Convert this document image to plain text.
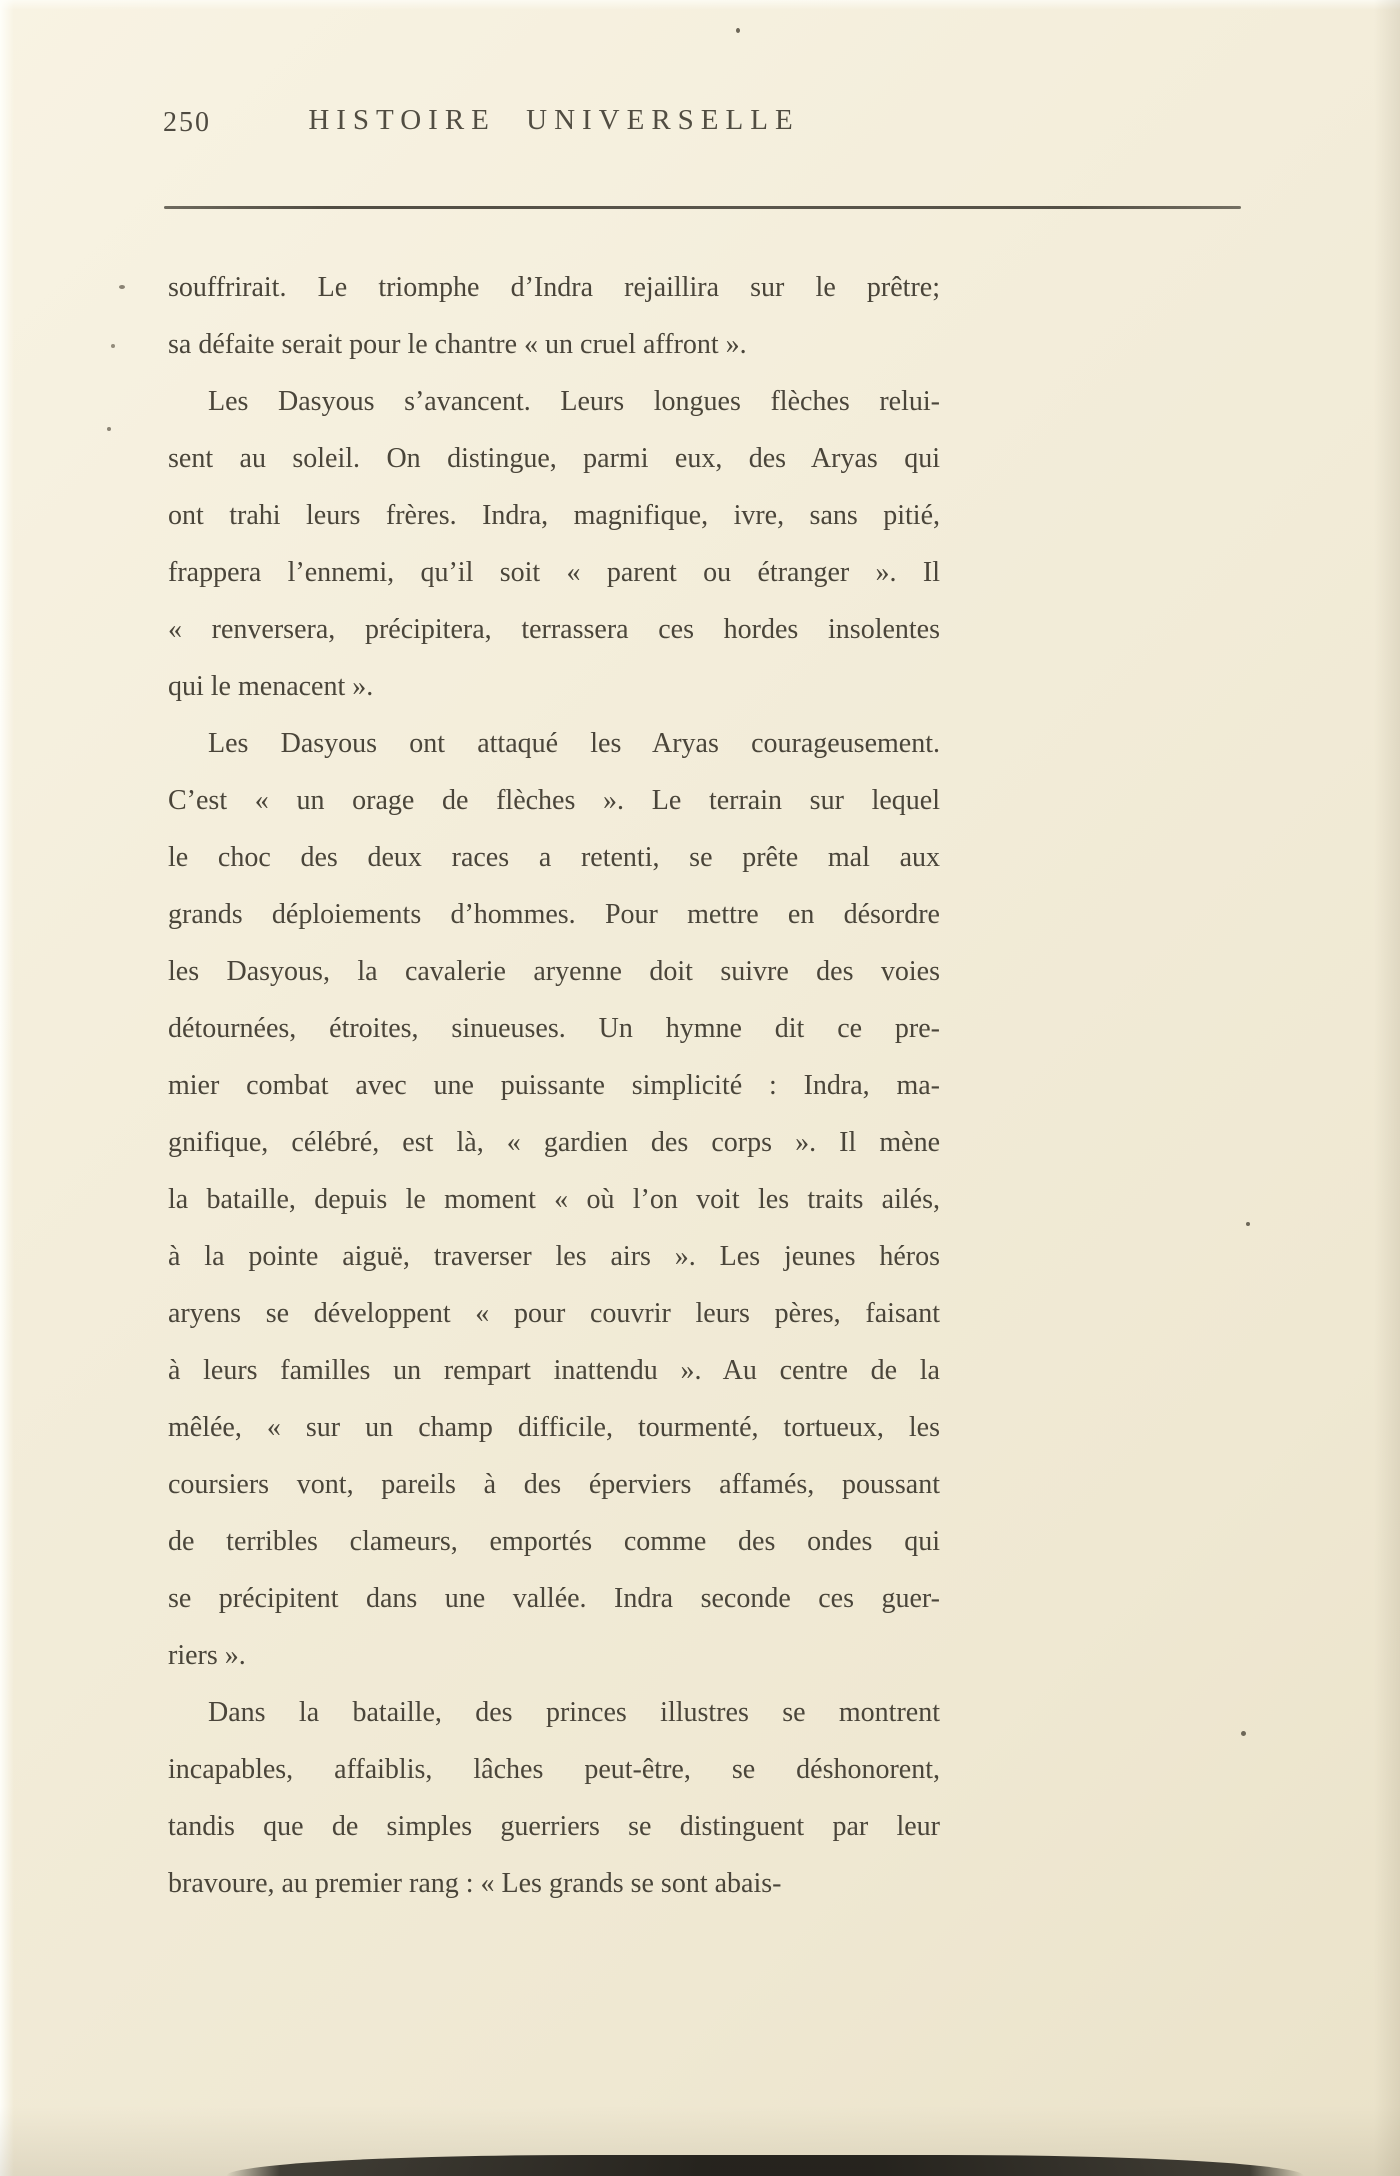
250	HISTOIRE UNIVERSELLE
souffrirait. Le triomphe d’Indra rejaillira sur le prêtre;
sa défaite serait pour le chantre « un cruel affront ».
Les Dasyous s’avancent. Leurs longues flèches relui-
sent au soleil. On distingue, parmi eux, des Aryas qui
ont trahi leurs frères. Indra, magnifique, ivre, sans pitié,
frappera l’ennemi, qu’il soit « parent ou étranger ». Il
« renversera, précipitera, terrassera ces hordes insolentes
qui le menacent ».
Les Dasyous ont attaqué les Aryas courageusement.
C’est « un orage de flèches ». Le terrain sur lequel
le choc des deux races a retenti, se prête mal aux
grands déploiements d’hommes. Pour mettre en désordre
les Dasyous, la cavalerie aryenne doit suivre des voies
détournées, étroites, sinueuses. Un hymne dit ce pre-
mier combat avec une puissante simplicité : Indra, ma-
gnifique, célébré, est là, « gardien des corps ». Il mène
la bataille, depuis le moment « où l’on voit les traits ailés,
à la pointe aiguë, traverser les airs ». Les jeunes héros
aryens se développent « pour couvrir leurs pères, faisant
à leurs familles un rempart inattendu ». Au centre de la
mêlée, « sur un champ difficile, tourmenté, tortueux, les
coursiers vont, pareils à des éperviers affamés, poussant
de terribles clameurs, emportés comme des ondes qui
se précipitent dans une vallée. Indra seconde ces guer-
riers ».
Dans la bataille, des princes illustres se montrent
incapables, affaiblis, lâches peut-être, se déshonorent,
tandis que de simples guerriers se distinguent par leur
bravoure, au premier rang : « Les grands se sont abais-
